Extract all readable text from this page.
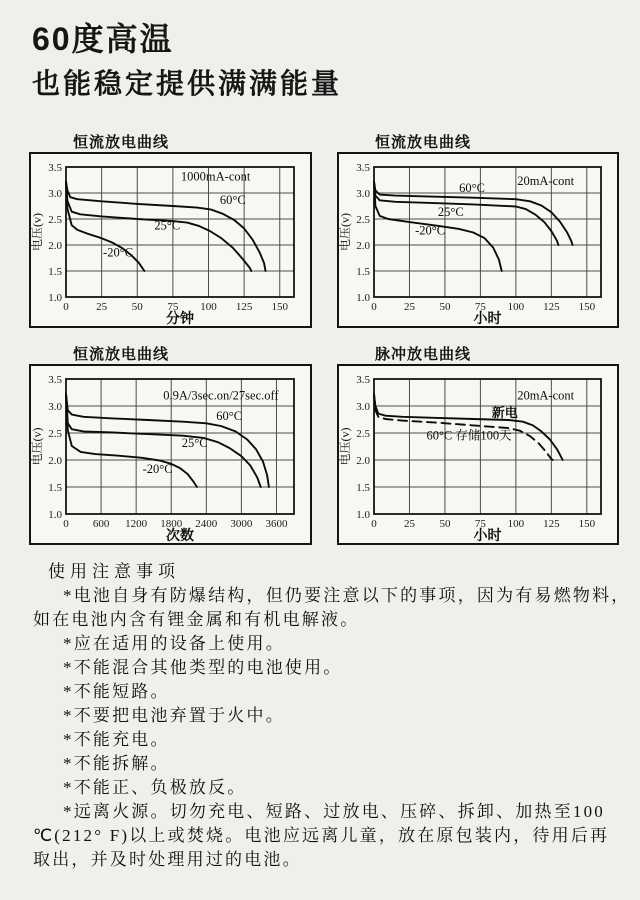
60度高温
也能稳定提供满满能量
恒流放电曲线	恒流放电曲线
恒流放电曲线	脉冲放电曲线
0 25 50 75 100 125 150
1.0
1.5
2.0
2.5
3.0
3.5
60°C
25°C
-20°C
1000mA-cont
分钟
电压(v)
0 25 50 75 100 125 150
1.0
1.5
2.0
2.5
3.0
3.5
60°C
25°C
-20°C
20mA-cont
小时
电压(v)
0 600 1200 1800 2400 3000 3600
1.0
1.5
2.0
2.5
3.0
3.5
60°C
25°C
-20°C
0.9A/3sec.on/27sec.off
次数
电压(v)
0 25 50 75 100 125 150
1.0
1.5
2.0
2.5
3.0
3.5
新电
60°C 存储100天
20mA-cont
小时
电压(v)
使用注意事项
*电池自身有防爆结构，但仍要注意以下的事项，因为有易燃物料，
如在电池内含有锂金属和有机电解液。
*应在适用的设备上使用。
*不能混合其他类型的电池使用。
*不能短路。
*不要把电池弃置于火中。
*不能充电。
*不能拆解。
*不能正、负极放反。
*远离火源。切勿充电、短路、过放电、压碎、拆卸、加热至100
℃(212° F)以上或焚烧。电池应远离儿童，放在原包装内，待用后再
取出，并及时处理用过的电池。
